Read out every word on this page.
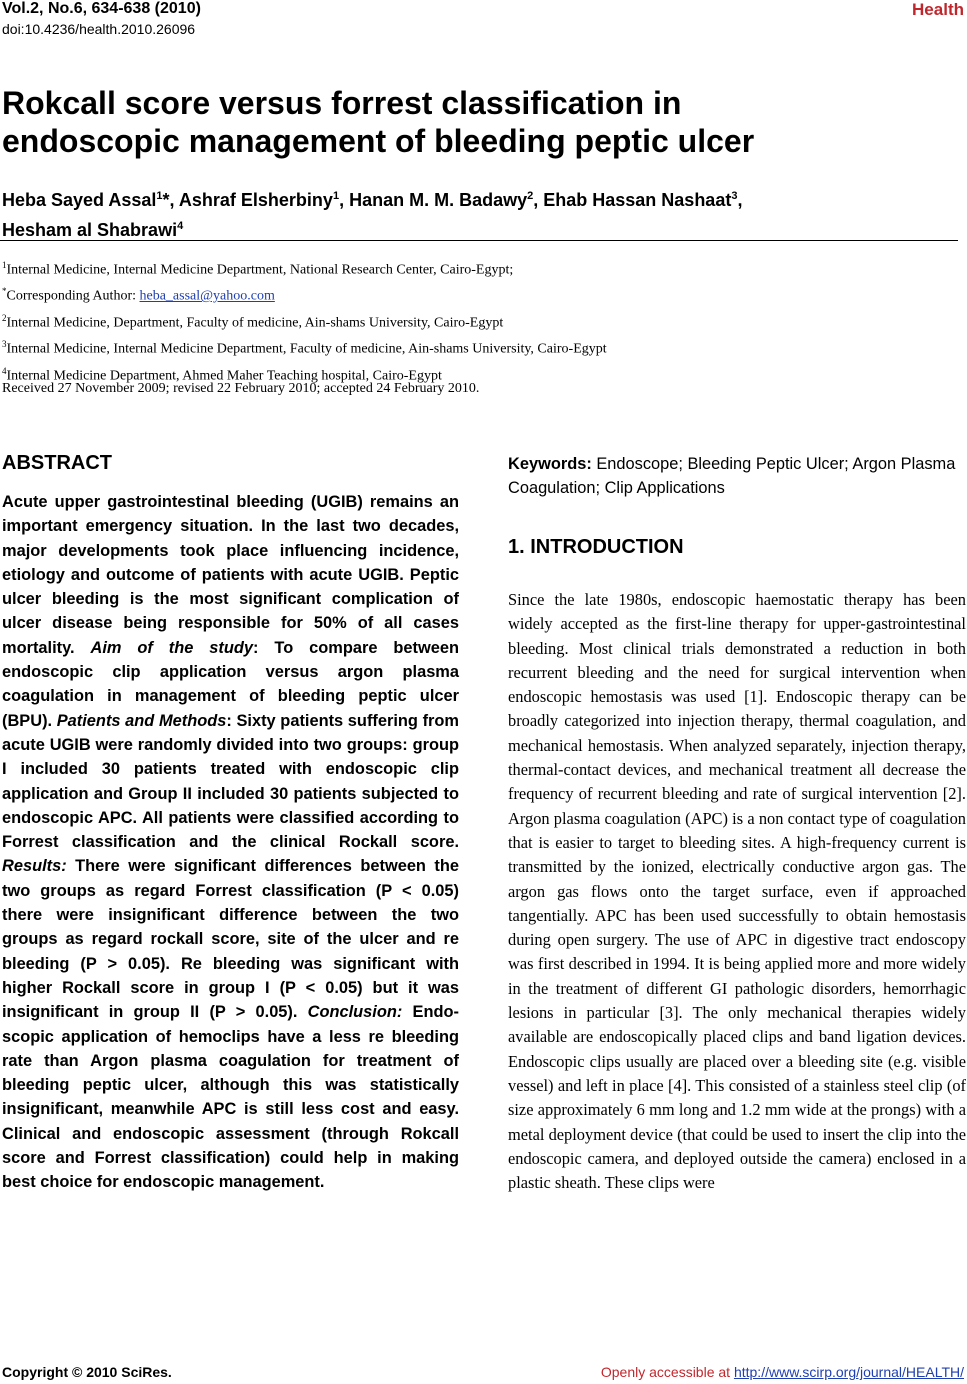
Vol.2, No.6, 634-638 (2010)
doi:10.4236/health.2010.26096
Health
Rokcall score versus forrest classification in
endoscopic management of bleeding peptic ulcer
Heba Sayed Assal$^1$*, Ashraf Elsherbiny$^1$, Hanan M. M. Badawy$^2$, Ehab Hassan Nashaat$^3$,
Hesham al Shabrawi$^4$
$^1$Internal Medicine, Internal Medicine Department, National Research Center, Cairo-Egypt;
*Corresponding Author: heba_assal@yahoo.com
$^2$Internal Medicine, Department, Faculty of medicine, Ain-shams University, Cairo-Egypt
$^3$Internal Medicine, Internal Medicine Department, Faculty of medicine, Ain-shams University, Cairo-Egypt
$^4$Internal Medicine Department, Ahmed Maher Teaching hospital, Cairo-Egypt
Received 27 November 2009; revised 22 February 2010; accepted 24 February 2010.
ABSTRACT
Acute upper gastrointestinal bleeding (UGIB) remains an important emergency situation. In the last two decades, major developments took place influencing incidence, etiology and outcome of patients with acute UGIB. Peptic ulcer bleeding is the most significant complication of ulcer disease being responsible for 50% of all cases mortality. Aim of the study: To compare between endoscopic clip application versus argon plasma coagulation in management of bleeding peptic ulcer (BPU). Patients and Methods: Sixty patients suffering from acute UGIB were randomly divided into two groups: group I included 30 patients treated with endoscopic clip application and Group II included 30 patients subjected to endoscopic APC. All patients were classified according to Forrest classification and the clinical Rockall score. Results: There were significant differences between the two groups as regard Forrest classification (P < 0.05) there were insignificant difference between the two groups as regard rockall score, site of the ulcer and re bleeding (P > 0.05). Re bleeding was significant with higher Rockall score in group I (P < 0.05) but it was insignificant in group II (P > 0.05). Conclusion: Endoscopic application of hemoclips have a less re bleeding rate than Argon plasma coagulation for treatment of bleeding peptic ulcer, although this was statistically insignificant, meanwhile APC is still less cost and easy. Clinical and endoscopic assessment (through Rokcall score and Forrest classification) could help in making best choice for endoscopic management.
Keywords: Endoscope; Bleeding Peptic Ulcer; Argon Plasma Coagulation; Clip Applications
1. INTRODUCTION
Since the late 1980s, endoscopic haemostatic therapy has been widely accepted as the first-line therapy for upper-gastrointestinal bleeding. Most clinical trials demonstrated a reduction in both recurrent bleeding and the need for surgical intervention when endoscopic hemostasis was used [1]. Endoscopic therapy can be broadly categorized into injection therapy, thermal coagulation, and mechanical hemostasis. When analyzed separately, injection therapy, thermal-contact devices, and mechanical treatment all decrease the frequency of recurrent bleeding and rate of surgical intervention [2]. Argon plasma coagulation (APC) is a non contact type of coagulation that is easier to target to bleeding sites. A high-frequency current is transmitted by the ionized, electrically conductive argon gas. The argon gas flows onto the target surface, even if approached tangentially. APC has been used successfully to obtain hemostasis during open surgery. The use of APC in digestive tract endoscopy was first described in 1994. It is being applied more and more widely in the treatment of different GI pathologic disorders, hemorrhagic lesions in particular [3]. The only mechanical therapies widely available are endoscopically placed clips and band ligation devices. Endoscopic clips usually are placed over a bleeding site (e.g. visible vessel) and left in place [4]. This consisted of a stainless steel clip (of size approximately 6 mm long and 1.2 mm wide at the prongs) with a metal deployment device (that could be used to insert the clip into the endoscopic camera, and deployed outside the camera) enclosed in a plastic sheath. These clips were
Copyright © 2010 SciRes.	Openly accessible at http://www.scirp.org/journal/HEALTH/
